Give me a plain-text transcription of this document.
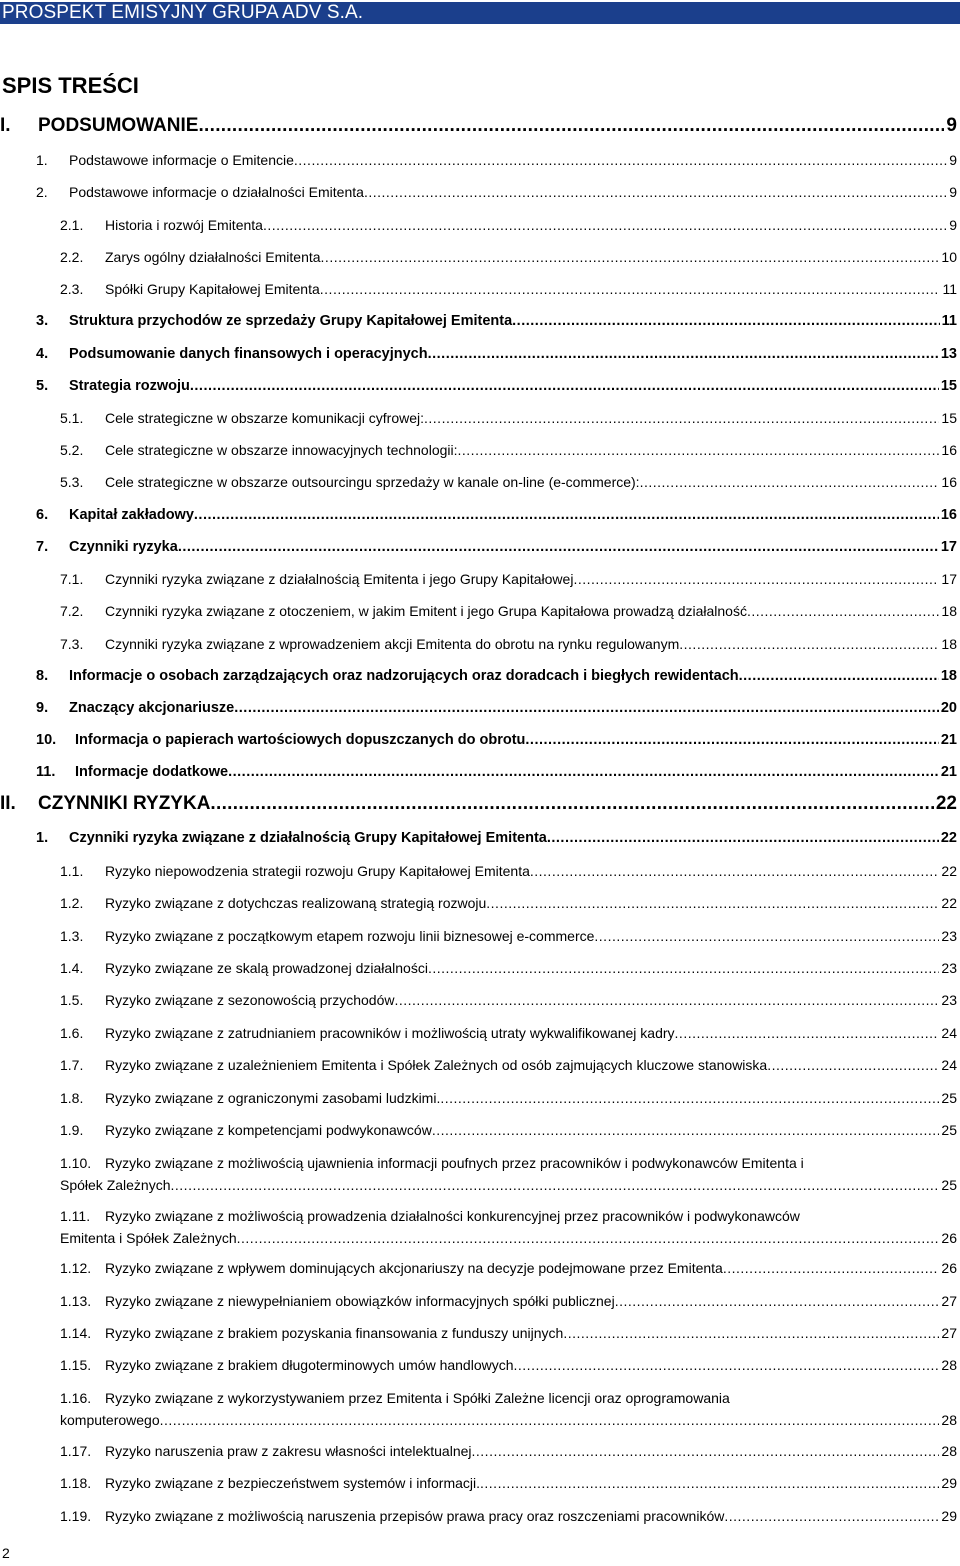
PROSPEKT EMISYJNY GRUPA ADV S.A.
SPIS TREŚCI
I.	PODSUMOWANIE .....	9
1.	Podstawowe informacje o Emitencie .....	9
2.	Podstawowe informacje o działalności Emitenta .....	9
2.1.	Historia i rozwój Emitenta .....	9
2.2.	Zarys ogólny działalności Emitenta .....	10
2.3.	Spółki Grupy Kapitałowej Emitenta .....	11
3.	Struktura przychodów ze sprzedaży Grupy Kapitałowej Emitenta .....	11
4.	Podsumowanie danych finansowych i operacyjnych .....	13
5.	Strategia rozwoju .....	15
5.1.	Cele strategiczne w obszarze komunikacji cyfrowej: .....	15
5.2.	Cele strategiczne w obszarze innowacyjnych technologii: .....	16
5.3.	Cele strategiczne w obszarze outsourcingu sprzedaży w kanale on-line (e-commerce): .....	16
6.	Kapitał zakładowy .....	16
7.	Czynniki ryzyka .....	17
7.1.	Czynniki ryzyka związane z działalnością Emitenta i jego Grupy Kapitałowej .....	17
7.2.	Czynniki ryzyka związane z otoczeniem, w jakim Emitent i jego Grupa Kapitałowa prowadzą działalność .....	18
7.3.	Czynniki ryzyka związane z wprowadzeniem akcji Emitenta do obrotu na rynku regulowanym .....	18
8.	Informacje o osobach zarządzających oraz nadzorujących oraz doradcach i biegłych rewidentach .....	18
9.	Znaczący akcjonariusze .....	20
10.	Informacja o papierach wartościowych dopuszczanych do obrotu .....	21
11.	Informacje dodatkowe .....	21
II.	CZYNNIKI RYZYKA .....	22
1.	Czynniki ryzyka związane z działalnością Grupy Kapitałowej Emitenta .....	22
1.1.	Ryzyko niepowodzenia strategii rozwoju Grupy Kapitałowej Emitenta .....	22
1.2.	Ryzyko związane z dotychczas realizowaną strategią rozwoju .....	22
1.3.	Ryzyko związane z początkowym etapem rozwoju linii biznesowej e-commerce .....	23
1.4.	Ryzyko związane ze skalą prowadzonej działalności .....	23
1.5.	Ryzyko związane z sezonowością przychodów .....	23
1.6.	Ryzyko związane z zatrudnianiem pracowników i możliwością utraty wykwalifikowanej kadry .....	24
1.7.	Ryzyko związane z uzależnieniem Emitenta i Spółek Zależnych od osób zajmujących kluczowe stanowiska .....	24
1.8.	Ryzyko związane z ograniczonymi zasobami ludzkimi. .....	25
1.9.	Ryzyko związane z kompetencjami podwykonawców .....	25
1.10. Ryzyko związane z możliwością ujawnienia informacji poufnych przez pracowników i podwykonawców Emitenta i
Spółek Zależnych .....	25
1.11.	Ryzyko związane z możliwością prowadzenia działalności konkurencyjnej przez pracowników i podwykonawców
Emitenta i Spółek Zależnych .....	26
1.12. Ryzyko związane z wpływem dominujących akcjonariuszy na decyzje podejmowane przez Emitenta .....	26
1.13. Ryzyko związane z niewypełnianiem obowiązków informacyjnych spółki publicznej .....	27
1.14. Ryzyko związane z brakiem pozyskania finansowania z funduszy unijnych .....	27
1.15. Ryzyko związane z brakiem długoterminowych umów handlowych .....	28
1.16. Ryzyko związane z wykorzystywaniem przez Emitenta i Spółki Zależne licencji oraz oprogramowania
komputerowego .....	28
1.17. Ryzyko naruszenia praw z zakresu własności intelektualnej .....	28
1.18. Ryzyko związane z bezpieczeństwem systemów i informacji. .....	29
1.19. Ryzyko związane z możliwością naruszenia przepisów prawa pracy oraz roszczeniami pracowników .....	29
2
